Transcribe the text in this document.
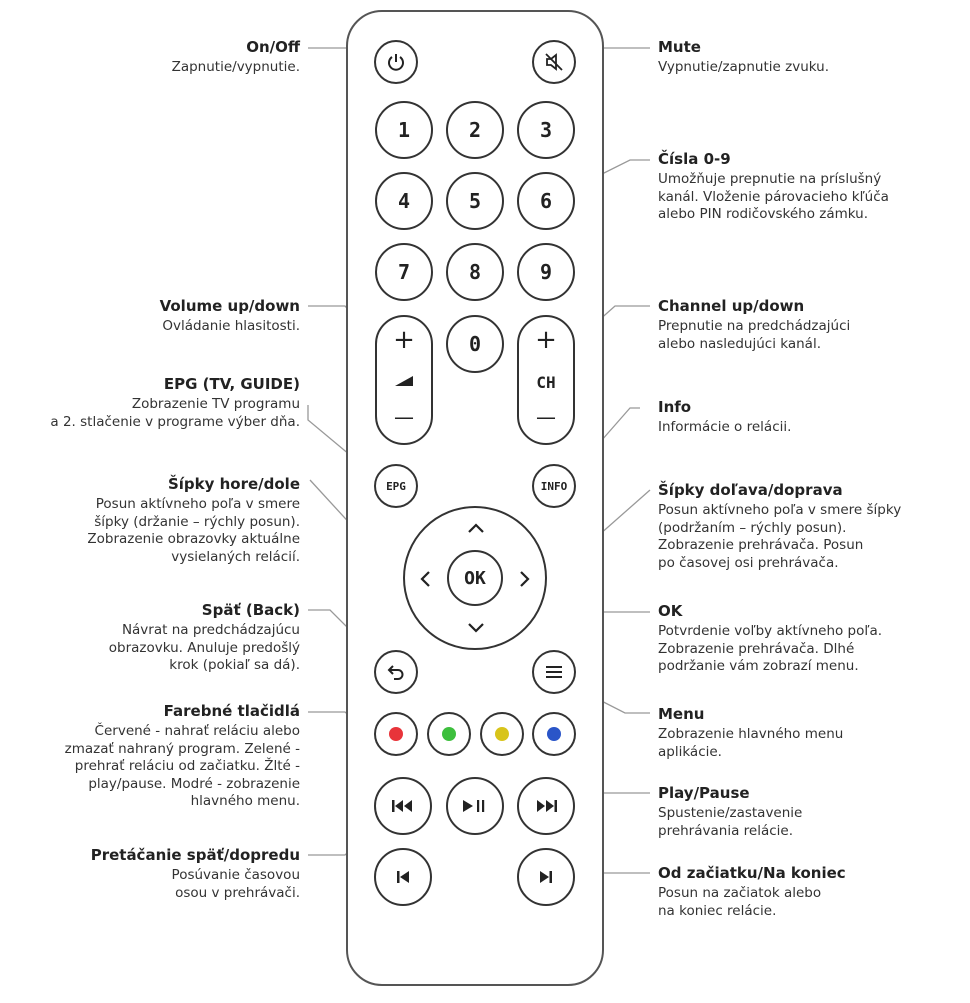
1	2	3
4	5	6
7	8	9
0
+
—
+
CH
—
EPG	INFO
OK
On/Off
Zapnutie/vypnutie.
Volume up/down
Ovládanie hlasitosti.
EPG (TV, GUIDE)
Zobrazenie TV programu
a 2. stlačenie v programe výber dňa.
Šípky hore/dole
Posun aktívneho poľa v smere
šípky (držanie – rýchly posun).
Zobrazenie obrazovky aktuálne
vysielaných relácií.
Späť (Back)
Návrat na predchádzajúcu
obrazovku. Anuluje predošlý
krok (pokiaľ sa dá).
Farebné tlačidlá
Červené - nahrať reláciu alebo
zmazať nahraný program. Zelené -
prehrať reláciu od začiatku. Žlté -
play/pause. Modré - zobrazenie
hlavného menu.
Pretáčanie späť/dopredu
Posúvanie časovou
osou v prehrávači.
Mute
Vypnutie/zapnutie zvuku.
Čísla 0-9
Umožňuje prepnutie na príslušný
kanál. Vloženie párovacieho kľúča
alebo PIN rodičovského zámku.
Channel up/down
Prepnutie na predchádzajúci
alebo nasledujúci kanál.
Info
Informácie o relácii.
Šípky doľava/doprava
Posun aktívneho poľa v smere šípky
(podržaním – rýchly posun).
Zobrazenie prehrávača. Posun
po časovej osi prehrávača.
OK
Potvrdenie voľby aktívneho poľa.
Zobrazenie prehrávača. Dlhé
podržanie vám zobrazí menu.
Menu
Zobrazenie hlavného menu
aplikácie.
Play/Pause
Spustenie/zastavenie
prehrávania relácie.
Od začiatku/Na koniec
Posun na začiatok alebo
na koniec relácie.
